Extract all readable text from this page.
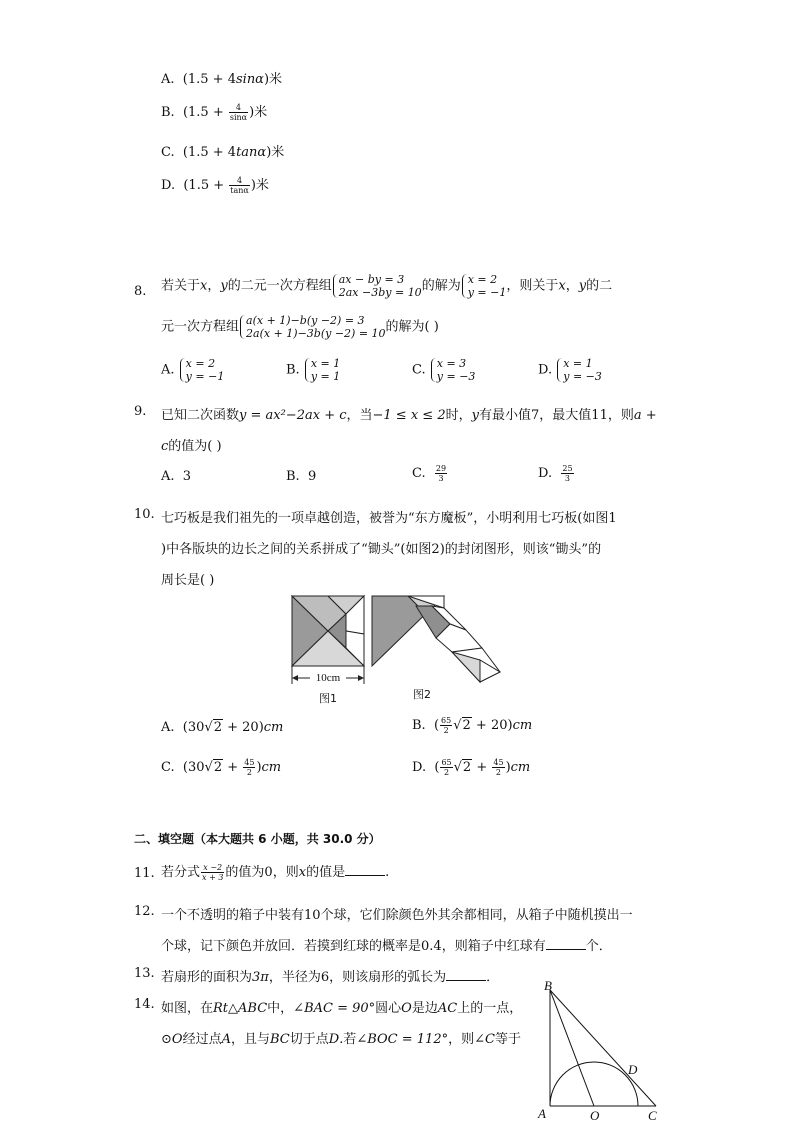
A. (1.5 + 4sinα)米
B. ($1.5 + \frac{4}{\sin\alpha}$ )米
C. (1.5 + 4tanα)米
D. ($1.5 + \frac{4}{\tan\alpha}$ )米
8. 若关于x，y的二元一次方程组 ax − by = 3
2ax −3by = 10 的解为 x = 2
y = −1 ，则关于x，y的二
元一次方程组 a(x + 1)−b(y −2) = 3
2a(x + 1)−3b(y −2) = 10 的解为( )
A. x = 2
y = −1	B. x = 1
y = 1	C. x = 3
y = −3	D. x = 1
y = −3
9. 已知二次函数y = ax²−2ax + c，当−1 ≤ x ≤ 2时，y有最小值7，最大值11，则a +
c的值为( )
A. 3	B. 9	C. $\frac{29}{3}$	D. $\frac{25}{3}$
10. 七巧板是我们祖先的一项卓越创造，被誉为“东方魔板”，小明利用七巧板(如图1
)中各版块的边长之间的关系拼成了“锄头”(如图2)的封闭图形，则该“锄头”的
周长是( )
10cm
图1	图2
A. (30√2 + 20)cm	B. ( $\frac{65}{2} √2 + 20)cm$
C. $(30√2 + \frac{45}{2} )cm$	D. ( $\frac{65}{2} √2 + \frac{45}{2} )cm$
二、填空题（本大题共 6 小题，共 30.0 分）
11. 若分式 $\frac{x -2}{x + 3}$ 的值为0，则x的值是	.
12. 一个不透明的箱子中装有10个球，它们除颜色外其余都相同，从箱子中随机摸出一
个球，记下颜色并放回．若摸到红球的概率是0.4，则箱子中红球有	个．
13. 若扇形的面积为3π，半径为6，则该扇形的弧长为	．
14. 如图，在Rt△ABC中，∠BAC = 90°圆心O是边AC上的一点，
⊙O经过点A，且与BC切于点D.若∠BOC = 112°，则∠C等于
B
A	O	C
D
